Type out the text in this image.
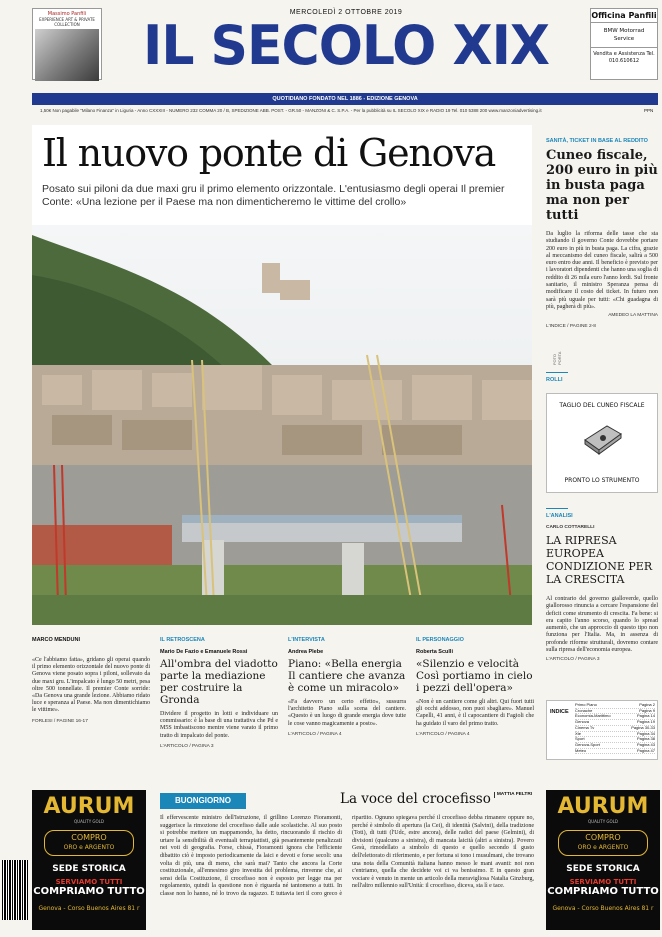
Massimo Panfili
EXPERIENCE ART & PRIVATE COLLECTION
MERCOLEDÌ 2 OTTOBRE 2019
IL SECOLO XIX	Officina Panfili
BMW Motorrad Service
Vendita e Assistenza Tel. 010.610612
QUOTIDIANO FONDATO NEL 1886 - EDIZIONE GENOVA
1,50€ Non pagabile "Milano Finanza" in Liguria - Anno CXXXIII - NUMERO 232 COMMA 20 / B, SPEDIZIONE ABB. POST. - GR.50 - MANZONI & C. S.P.A. - Per la pubblicità su IL SECOLO XIX e RADIO 19 Tel. 010 5388 200 www.manzoniadvertising.it	PPN
Il nuovo ponte di Genova
Posato sui piloni da due maxi gru il primo elemento orizzontale. L'entusiasmo degli operai Il premier Conte: «Una lezione per il Paese ma non dimenticheremo le vittime del crollo»
FOTO PORTA
SANITÀ, TICKET IN BASE AL REDDITO
Cuneo fiscale, 200 euro in più in busta paga ma non per tutti
Da luglio la riforma delle tasse che sta studiando il governo Conte dovrebbe portare 200 euro in più in busta paga. La cifra, grazie al meccanismo del cuneo fiscale, salirà a 500 euro entro due anni. Il beneficio è previsto per i lavoratori dipendenti che hanno una soglia di reddito di 26 mila euro l'anno lordi. Sul fronte sanitario, il ministro Speranza pensa di modificare il costo del ticket. In futuro non sarà più uguale per tutti: «Chi guadagna di più, pagherà di più».
AMEDEO LA MATTINA
L'INDICE / PAGINE 2-8
ROLLI
TAGLIO DEL CUNEO FISCALE
PRONTO LO STRUMENTO
L'ANALISI
CARLO COTTARELLI
LA RIPRESA EUROPEA CONDIZIONE PER LA CRESCITA
Al contrario del governo gialloverde, quello giallorosso rinuncia a cercare l'espansione del deficit come strumento di crescita. Fa bene: si era capito l'anno scorso, quando lo spread aumentò, che un approccio di questo tipo non funziona per l'Italia. Ma, in assenza di profonde riforme strutturali, dovremo contare sulla ripresa dell'economia europea.
L'ARTICOLO / PAGINA 3
INDICE
Primo Piano	Pagina 2
Cronache	Pagina 9
Economia-Marittimo	Pagina 14
Genova	Pagina 19
Cinema Tv	Pagina 30-33
Xte	Pagina 34
Sport	Pagina 38
Genova-Sport	Pagina 43
Meteo	Pagina 47
MARCO MENDUNI
«Ce l'abbiamo fatta», gridano gli operai quando il primo elemento orizzontale del nuovo ponte di Genova viene posato sopra i piloni, sollevato da due maxi gru. L'impalcato è lungo 50 metri, pesa oltre 500 tonnellate. Il premier Conte sorride: «Da Genova una grande lezione. Abbiamo ridato luce e speranza al Paese. Ma non dimentichiamo le vittime».
FORLESI / PAGINE 16-17
IL RETROSCENA
Mario De Fazio e Emanuele Rossi
All'ombra del viadotto parte la mediazione per costruire la Gronda
Dividere il progetto in lotti e individuare un commissario: è la base di una trattativa che Pd e M5S imbastiscono mentre viene varato il primo tratto di impalcato del ponte.
L'ARTICOLO / PAGINA 3
L'INTERVISTA
Andrea Plebe
Piano: «Bella energia Il cantiere che avanza è come un miracolo»
«Fa davvero un certo effetto», sussurra l'architetto Piano sulla scena del cantiere. «Questo è un luogo di grande energia dove tutte le cose vanno magicamente a posto».
L'ARTICOLO / PAGINA 4
IL PERSONAGGIO
Roberta Sculli
«Silenzio e velocità Così portiamo in cielo i pezzi dell'opera»
«Non è un cantiere come gli altri. Qui fuori tutti gli occhi addosso, non puoi sbagliare». Manuel Capelli, 41 anni, è il capocantiere di Fagioli che ha guidato il varo del primo tratto.
L'ARTICOLO / PAGINA 4
BUONGIORNO	La voce del crocefisso	MATTIA FELTRI
Il effervescente ministro dell'Istruzione, il grillino Lorenzo Fioramonti, suggerisce la rimozione del crocefisso dalle aule scolastiche. Al suo posto si potrebbe mettere un mappamondo, ha detto, rincuorando il rischio di urtare la sensibilità di eventuali terrapiattisti, già pesantemente penalizzati nei voti di geografia. Forse, chissà, Fioramonti ignora che l'efficiente dibattito ciò è imposto periodicamente da laici e devoti e forse secoli: una volta di più, una di meno, che sarà mai? Tanto che ancora la Corte costituzionale, all'ennesimo giro investita del problema, rinvenne che, ai sensi della Costituzione, il crocefisso non è esposto per legge ma per regolamento, quindi la questione non è riguarda né tantomeno a tutti. In classe non lo hanno, né lo trovo da ragazzo. E tuttavia ieri il coro greco è ripartito. Ognuno spiegava perché il crocefisso debba rimanere oppure no, perché è simbolo di apertura (la Cei), di identità (Salvini), della tradizione (Toti), di tutti (l'Udc, estre ancora), delle radici del paese (Gelmini), di divisioni (qualcuno a sinistra), di mancata laicità (altri a sinistra). Povero Gesù, rimodellato a simbolo di questo e quello secondo il gusto dell'elettorato di riferimento, e per fortuna si tono i musulmani, che trovano una nota della Comunità italiana hanno messo le mani avanti: noi non c'entriamo, quella che decidete voi ci va benissimo. E in questo gran vociare è venuto in mente un articolo della meravigliosa Natalia Ginzburg, nell'altro millennio sull'Unità: il crocefisso, diceva, sta lì e tace.
AURUM
QUALITY GOLD
COMPRO
ORO e ARGENTO
SEDE STORICA
SERVIAMO TUTTI
COMPRIAMO TUTTO
Genova - Corso Buenos Aires 81 r
AURUM
QUALITY GOLD
COMPRO
ORO e ARGENTO
SEDE STORICA
SERVIAMO TUTTI
COMPRIAMO TUTTO
Genova - Corso Buenos Aires 81 r
